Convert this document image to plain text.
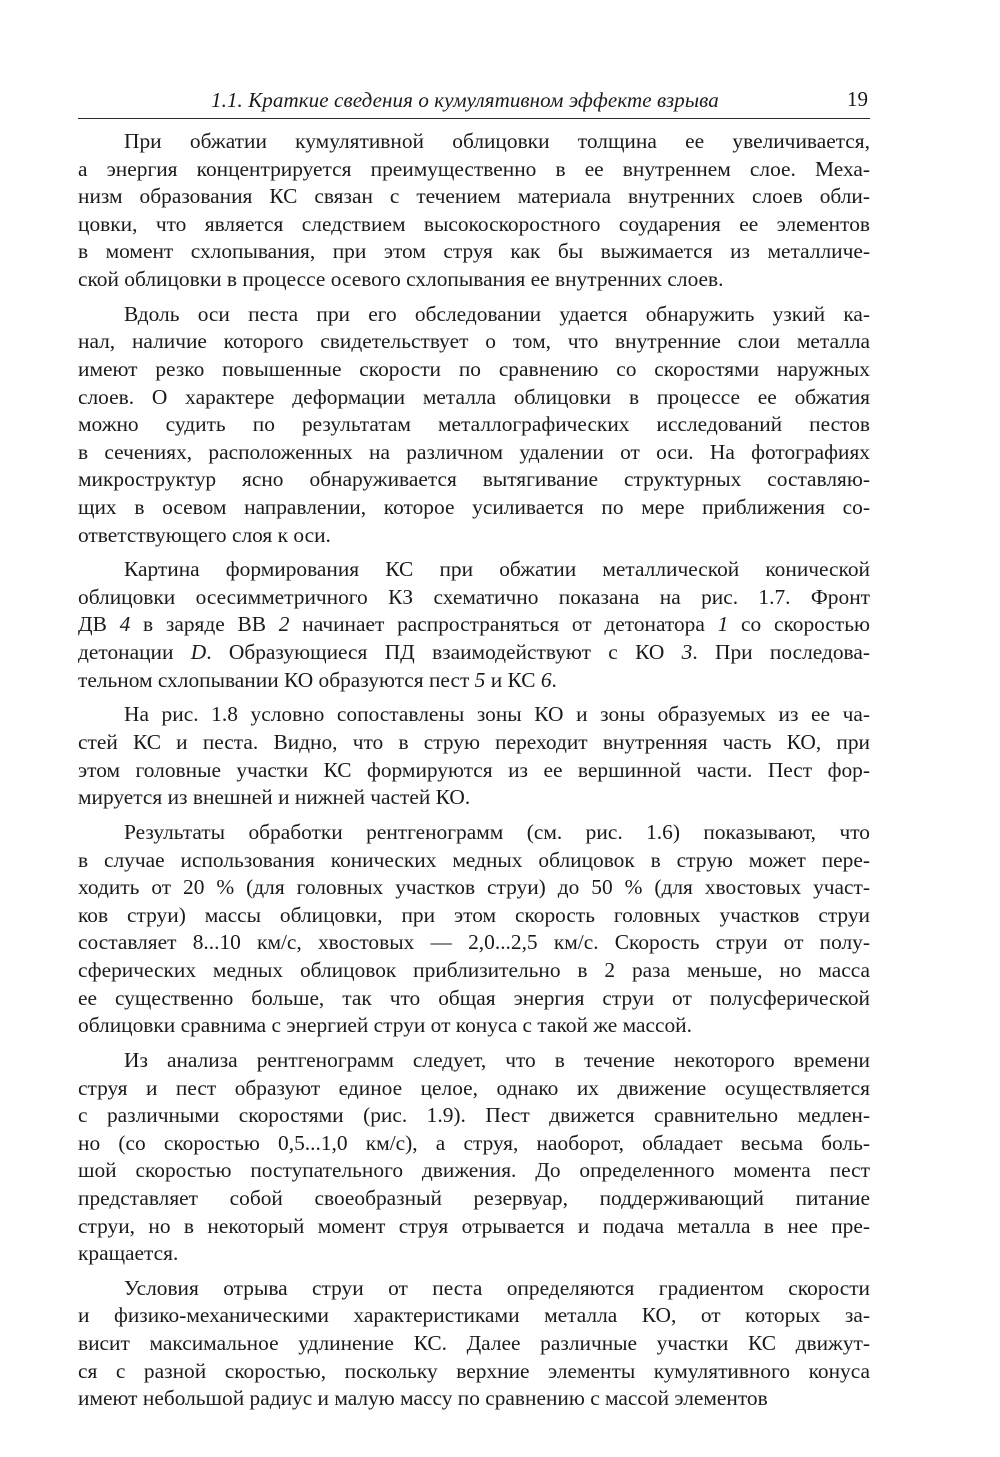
1.1. Краткие сведения о кумулятивном эффекте взрыва	19
При обжатии кумулятивной облицовки толщина ее увеличивается,
а энергия концентрируется преимущественно в ее внутреннем слое. Меха-
низм образования КС связан с течением материала внутренних слоев обли-
цовки, что является следствием высокоскоростного соударения ее элементов
в момент схлопывания, при этом струя как бы выжимается из металличе-
ской облицовки в процессе осевого схлопывания ее внутренних слоев.
Вдоль оси песта при его обследовании удается обнаружить узкий ка-
нал, наличие которого свидетельствует о том, что внутренние слои металла
имеют резко повышенные скорости по сравнению со скоростями наружных
слоев. О характере деформации металла облицовки в процессе ее обжатия
можно судить по результатам металлографических исследований пестов
в сечениях, расположенных на различном удалении от оси. На фотографиях
микроструктур ясно обнаруживается вытягивание структурных составляю-
щих в осевом направлении, которое усиливается по мере приближения со-
ответствующего слоя к оси.
Картина формирования КС при обжатии металлической конической
облицовки осесимметричного КЗ схематично показана на рис. 1.7. Фронт
ДВ 4 в заряде ВВ 2 начинает распространяться от детонатора 1 со скоростью
детонации D. Образующиеся ПД взаимодействуют с КО 3. При последова-
тельном схлопывании КО образуются пест 5 и КС 6.
На рис. 1.8 условно сопоставлены зоны КО и зоны образуемых из ее ча-
стей КС и песта. Видно, что в струю переходит внутренняя часть КО, при
этом головные участки КС формируются из ее вершинной части. Пест фор-
мируется из внешней и нижней частей КО.
Результаты обработки рентгенограмм (см. рис. 1.6) показывают, что
в случае использования конических медных облицовок в струю может пере-
ходить от 20 % (для головных участков струи) до 50 % (для хвостовых участ-
ков струи) массы облицовки, при этом скорость головных участков струи
составляет 8...10 км/с, хвостовых — 2,0...2,5 км/с. Скорость струи от полу-
сферических медных облицовок приблизительно в 2 раза меньше, но масса
ее существенно больше, так что общая энергия струи от полусферической
облицовки сравнима с энергией струи от конуса с такой же массой.
Из анализа рентгенограмм следует, что в течение некоторого времени
струя и пест образуют единое целое, однако их движение осуществляется
с различными скоростями (рис. 1.9). Пест движется сравнительно медлен-
но (со скоростью 0,5...1,0 км/с), а струя, наоборот, обладает весьма боль-
шой скоростью поступательного движения. До определенного момента пест
представляет собой своеобразный резервуар, поддерживающий питание
струи, но в некоторый момент струя отрывается и подача металла в нее пре-
кращается.
Условия отрыва струи от песта определяются градиентом скорости
и физико-механическими характеристиками металла КО, от которых за-
висит максимальное удлинение КС. Далее различные участки КС движут-
ся с разной скоростью, поскольку верхние элементы кумулятивного конуса
имеют небольшой радиус и малую массу по сравнению с массой элементов
